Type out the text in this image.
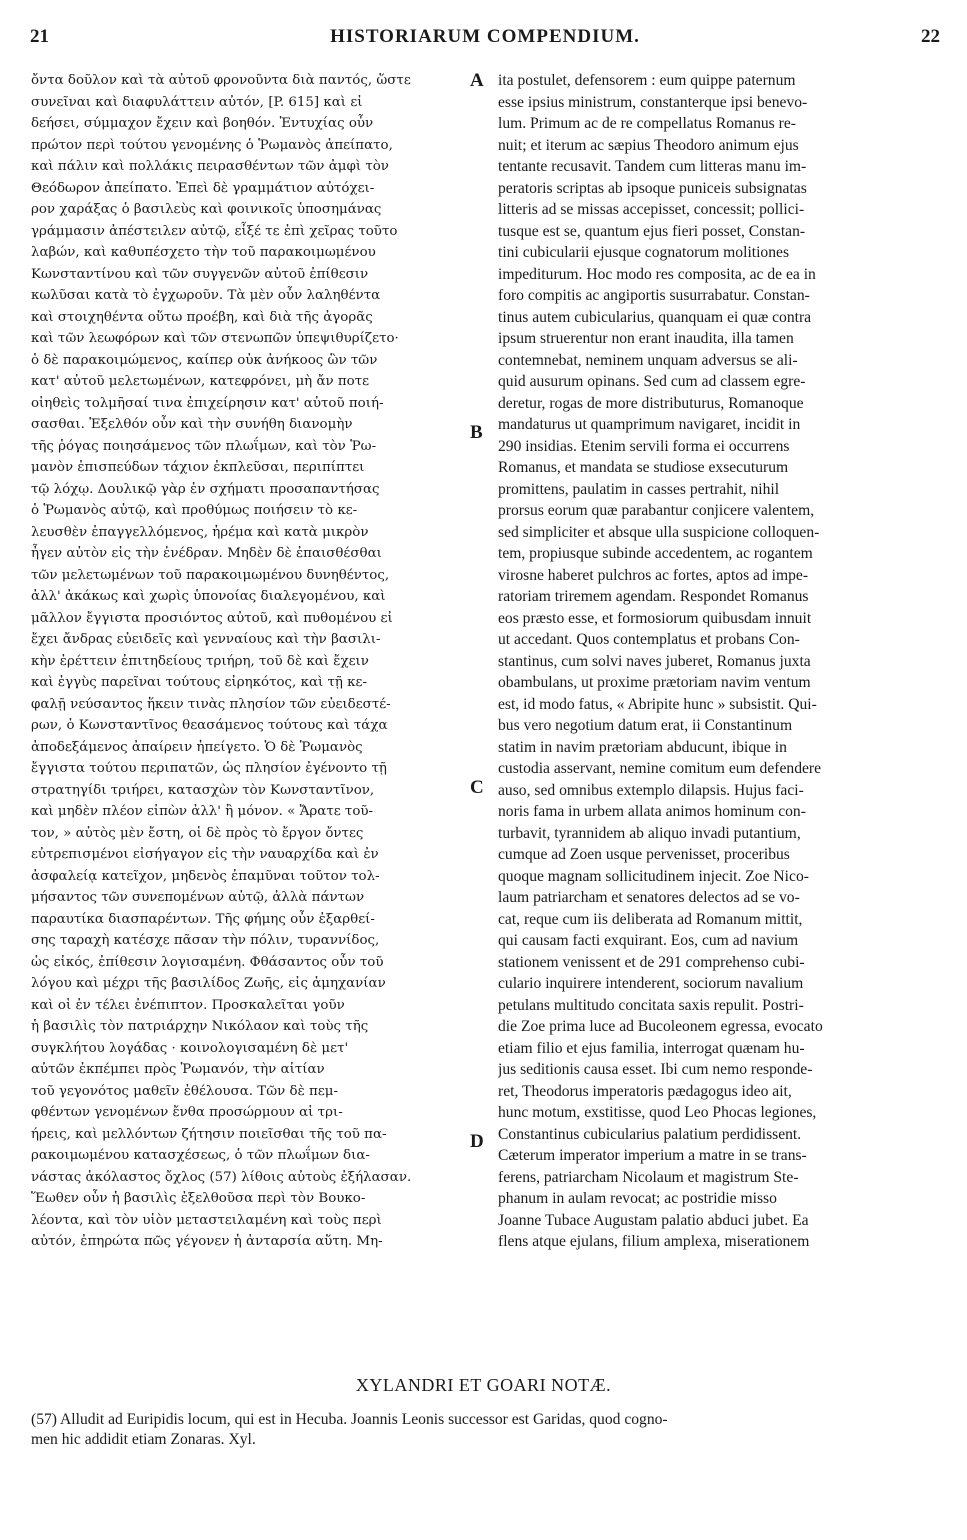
21	HISTORIARUM COMPENDIUM.	22
ὄντα δοῦλον καὶ τὰ αὐτοῦ φρονοῦντα διὰ παντός, ὥστε
συνεῖναι καὶ διαφυλάττειν αὐτόν, [P. 615] καὶ εἰ
δεήσει, σύμμαχον ἔχειν καὶ βοηθόν. Ἐντυχίας οὖν
πρώτον περὶ τούτου γενομένης ὁ Ῥωμανὸς ἀπείπατο,
καὶ πάλιν καὶ πολλάκις πειρασθέντων τῶν ἀμφὶ τὸν
Θεόδωρον ἀπείπατο. Ἐπεὶ δὲ γραμμάτιον αὐτόχει-
ρον χαράξας ὁ βασιλεὺς καὶ φοινικοῖς ὑποσημάνας
γράμμασιν ἀπέστειλεν αὐτῷ, εἶξέ τε ἐπὶ χεῖρας τοῦτο
λαβών, καὶ καθυπέσχετο τὴν τοῦ παρακοιμωμένου
Κωνσταντίνου καὶ τῶν συγγενῶν αὐτοῦ ἐπίθεσιν
κωλῦσαι κατὰ τὸ ἐγχωροῦν. Τὰ μὲν οὖν λαληθέντα
καὶ στοιχηθέντα οὕτω προέβη, καὶ διὰ τῆς ἀγορᾶς
καὶ τῶν λεωφόρων καὶ τῶν στενωπῶν ὑπεψιθυρίζετο·
ὁ δὲ παρακοιμώμενος, καίπερ οὐκ ἀνήκοος ὢν τῶν
κατ' αὐτοῦ μελετωμένων, κατεφρόνει, μὴ ἄν ποτε
οἰηθεὶς τολμῆσαί τινα ἐπιχείρησιν κατ' αὐτοῦ ποιή-
σασθαι. Ἐξελθόν οὖν καὶ τὴν συνήθη διανομὴν
τῆς ῥόγας ποιησάμενος τῶν πλωΐμων, καὶ τὸν Ῥω-
μανὸν ἐπισπεύδων τάχιον ἐκπλεῦσαι, περιπίπτει
τῷ λόχῳ. Δουλικῷ γὰρ ἐν σχήματι προσαπαντήσας
ὁ Ῥωμανὸς αὐτῷ, καὶ προθύμως ποιήσειν τὸ κε-
λευσθὲν ἐπαγγελλόμενος, ἠρέμα καὶ κατὰ μικρὸν
ἦγεν αὐτὸν εἰς τὴν ἐνέδραν. Μηδὲν δὲ ἐπαισθέσθαι
τῶν μελετωμένων τοῦ παρακοιμωμένου δυνηθέντος,
ἀλλ' ἀκάκως καὶ χωρὶς ὑπονοίας διαλεγομένου, καὶ
μᾶλλον ἔγγιστα προσιόντος αὐτοῦ, καὶ πυθομένου εἰ
ἔχει ἄνδρας εὐειδεῖς καὶ γενναίους καὶ τὴν βασιλι-
κὴν ἐρέττειν ἐπιτηδείους τριήρη, τοῦ δὲ καὶ ἔχειν
καὶ ἐγγὺς παρεῖναι τούτους εἰρηκότος, καὶ τῇ κε-
φαλῇ νεύσαντος ἥκειν τινὰς πλησίον τῶν εὐειδεστέ-
ρων, ὁ Κωνσταντῖνος θεασάμενος τούτους καὶ τάχα
ἀποδεξάμενος ἀπαίρειν ἠπείγετο. Ὁ δὲ Ῥωμανὸς
ἔγγιστα τούτου περιπατῶν, ὡς πλησίον ἐγένοντο τῇ
στρατηγίδι τριήρει, κατασχὼν τὸν Κωνσταντῖνον,
καὶ μηδὲν πλέον εἰπὼν ἀλλ' ἢ μόνον. « Ἄρατε τοῦ-
τον, » αὐτὸς μὲν ἔστη, οἱ δὲ πρὸς τὸ ἔργον ὄντες
εὐτρεπισμένοι εἰσήγαγον εἰς τὴν ναυαρχίδα καὶ ἐν
ἀσφαλείᾳ κατεῖχον, μηδενὸς ἐπαμῦναι τοῦτον τολ-
μήσαντος τῶν συνεπομένων αὐτῷ, ἀλλὰ πάντων
παραυτίκα διασπαρέντων. Τῆς φήμης οὖν ἐξαρθεί-
σης ταραχὴ κατέσχε πᾶσαν τὴν πόλιν, τυραννίδος,
ὡς εἰκός, ἐπίθεσιν λογισαμένη. Φθάσαντος οὖν τοῦ
λόγου καὶ μέχρι τῆς βασιλίδος Ζωῆς, εἰς ἀμηχανίαν
καὶ οἱ ἐν τέλει ἐνέπιπτον. Προσκαλεῖται γοῦν
ἡ βασιλὶς τὸν πατριάρχην Νικόλαον καὶ τοὺς τῆς
συγκλήτου λογάδας · κοινολογισαμένη δὲ μετ'
αὐτῶν ἐκπέμπει πρὸς Ῥωμανόν, τὴν αἰτίαν
τοῦ γεγονότος μαθεῖν ἐθέλουσα. Τῶν δὲ πεμ-
φθέντων γενομένων ἔνθα προσώρμουν αἱ τρι-
ήρεις, καὶ μελλόντων ζήτησιν ποιεῖσθαι τῆς τοῦ πα-
ρακοιμωμένου κατασχέσεως, ὁ τῶν πλωΐμων δια-
νάστας ἀκόλαστος ὄχλος (57) λίθοις αὐτοὺς ἐξήλασαν.
Ἕωθεν οὖν ἡ βασιλὶς ἐξελθοῦσα περὶ τὸν Βουκο-
λέοντα, καὶ τὸν υἱὸν μεταστειλαμένη καὶ τοὺς περὶ
αὐτόν, ἐπηρώτα πῶς γέγονεν ἡ ἀνταρσία αὕτη. Μη-
ita postulet, defensorem : eum quippe paternum
esse ipsius ministrum, constanterque ipsi benevo-
lum. Primum ac de re compellatus Romanus re-
nuit; et iterum ac sæpius Theodoro animum ejus
tentante recusavit. Tandem cum litteras manu im-
peratoris scriptas ab ipsoque puniceis subsignatas
litteris ad se missas accepisset, concessit; pollici-
tusque est se, quantum ejus fieri posset, Constan-
tini cubicularii ejusque cognatorum molitiones
impediturum. Hoc modo res composita, ac de ea in
foro compitis ac angiportis susurrabatur. Constan-
tinus autem cubicularius, quanquam ei quæ contra
ipsum struerentur non erant inaudita, illa tamen
contemnebat, neminem unquam adversus se ali-
quid ausurum opinans. Sed cum ad classem egre-
deretur, rogas de more distributurus, Romanoque
mandaturus ut quamprimum navigaret, incidit in
290 insidias. Etenim servili forma ei occurrens
Romanus, et mandata se studiose exsecuturum
promittens, paulatim in casses pertrahit, nihil
prorsus eorum quæ parabantur conjicere valentem,
sed simpliciter et absque ulla suspicione colloquen-
tem, propiusque subinde accedentem, ac rogantem
virosne haberet pulchros ac fortes, aptos ad impe-
ratoriam triremem agendam. Respondet Romanus
eos præsto esse, et formosiorum quibusdam innuit
ut accedant. Quos contemplatus et probans Con-
stantinus, cum solvi naves juberet, Romanus juxta
obambulans, ut proxime prætoriam navim ventum
est, id modo fatus, « Abripite hunc » subsistit. Qui-
bus vero negotium datum erat, ii Constantinum
statim in navim prætoriam abducunt, ibique in
custodia asservant, nemine comitum eum defendere
auso, sed omnibus extemplo dilapsis. Hujus faci-
noris fama in urbem allata animos hominum con-
turbavit, tyrannidem ab aliquo invadi putantium,
cumque ad Zoen usque pervenisset, proceribus
quoque magnam sollicitudinem injecit. Zoe Nico-
laum patriarcham et senatores delectos ad se vo-
cat, reque cum iis deliberata ad Romanum mittit,
qui causam facti exquirant. Eos, cum ad navium
stationem venissent et de 291 comprehenso cubi-
culario inquirere intenderent, sociorum navalium
petulans multitudo concitata saxis repulit. Postri-
die Zoe prima luce ad Bucoleonem egressa, evocato
etiam filio et ejus familia, interrogat quænam hu-
jus seditionis causa esset. Ibi cum nemo responde-
ret, Theodorus imperatoris pædagogus ideo ait,
hunc motum, exstitisse, quod Leo Phocas legiones,
Constantinus cubicularius palatium perdidissent.
Cæterum imperator imperium a matre in se trans-
ferens, patriarcham Nicolaum et magistrum Ste-
phanum in aulam revocat; ac postridie misso
Joanne Tubace Augustam palatio abduci jubet. Ea
flens atque ejulans, filium amplexa, miserationem
A
B
C
D
XYLANDRI ET GOARI NOTÆ.
(57) Alludit ad Euripidis locum, qui est in Hecuba. Joannis Leonis successor est Garidas, quod cogno-
men hic addidit etiam Zonaras. Xyl.
